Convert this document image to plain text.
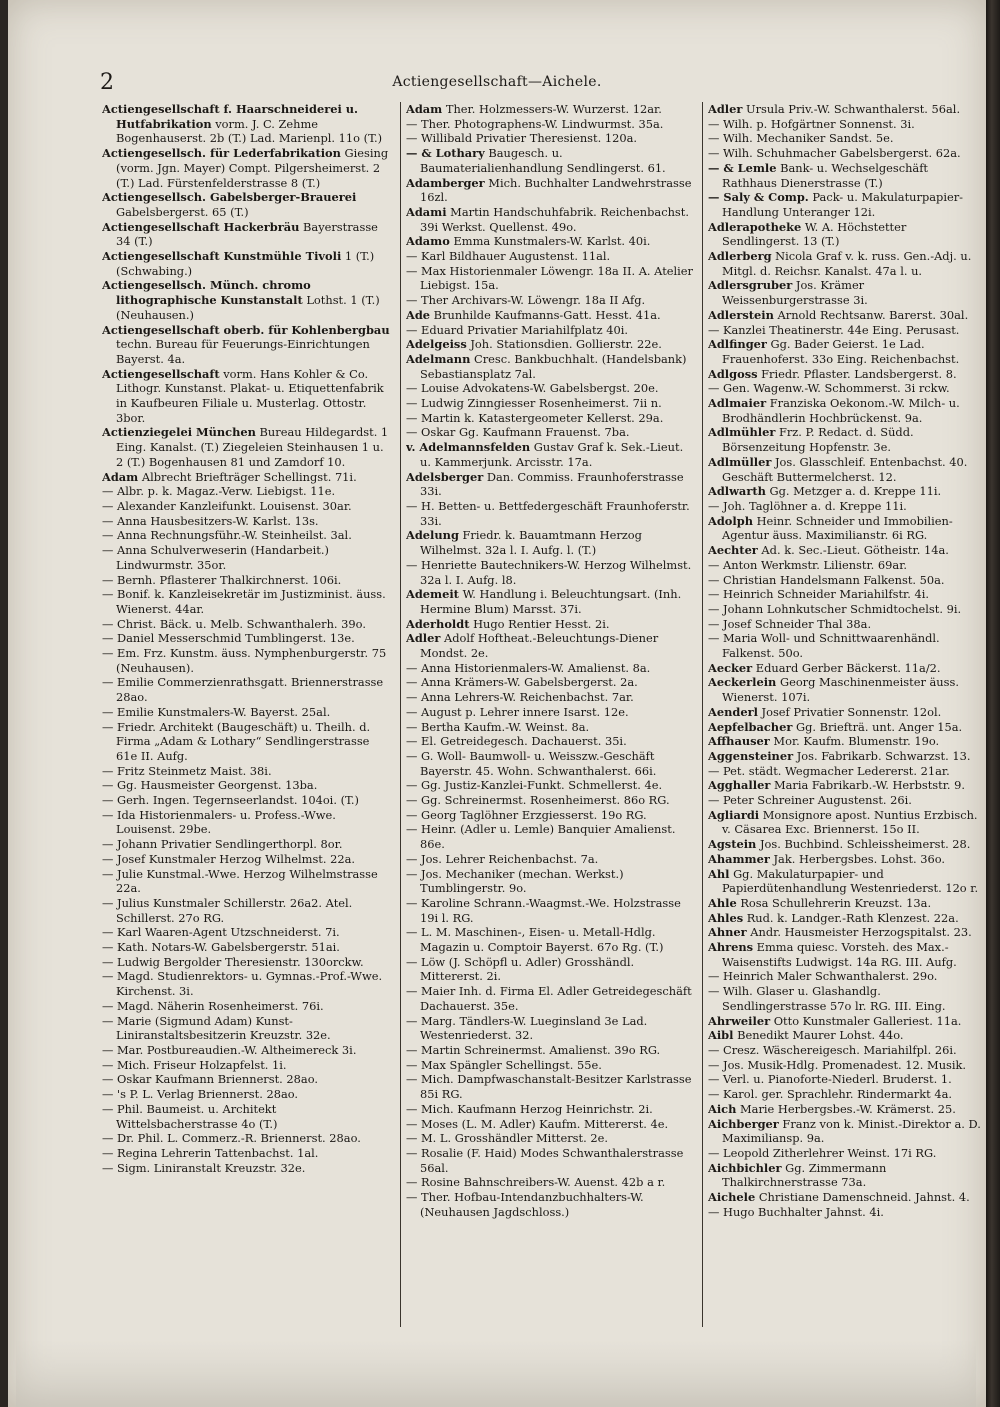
2	Actiengesellschaft—Aichele.

Actiengesellschaft f. Haarschneiderei u. Hutfabrikation vorm. J. C. Zehme Bogenhauserst. 2b (T.) Lad. Marienpl. 11o (T.)

Actiengesellsch. für Lederfabrikation Giesing (vorm. Jgn. Mayer) Compt. Pilgersheimerst. 2 (T.) Lad. Fürstenfelderstrasse 8 (T.)

Actiengesellsch. Gabelsberger-Brauerei Gabelsbergerst. 65 (T.)

Actiengesellschaft Hackerbräu Bayerstrasse 34 (T.)

Actiengesellschaft Kunstmühle Tivoli 1 (T.) (Schwabing.)

Actiengesellsch. Münch. chromo lithographische Kunstanstalt Lothst. 1 (T.) (Neuhausen.)

Actiengesellschaft oberb. für Kohlenbergbau techn. Bureau für Feuerungs-Einrichtungen Bayerst. 4a.

Actiengesellschaft vorm. Hans Kohler & Co. Lithogr. Kunstanst. Plakat- u. Etiquettenfabrik in Kaufbeuren Filiale u. Musterlag. Ottostr. 3bor.

Actienziegelei München Bureau Hildegardst. 1 Eing. Kanalst. (T.) Ziegeleien Steinhausen 1 u. 2 (T.) Bogenhausen 81 und Zamdorf 10.

Adam Albrecht Briefträger Schellingst. 71i.

— Albr. p. k. Magaz.-Verw. Liebigst. 11e.

— Alexander Kanzleifunkt. Louisenst. 30ar.

— Anna Hausbesitzers-W. Karlst. 13s.

— Anna Rechnungsführ.-W. Steinheilst. 3al.

— Anna Schulverweserin (Handarbeit.) Lindwurmstr. 35or.

— Bernh. Pflasterer Thalkirchnerst. 106i.

— Bonif. k. Kanzleisekretär im Justizminist. äuss. Wienerst. 44ar.

— Christ. Bäck. u. Melb. Schwanthalerh. 39o.

— Daniel Messerschmid Tumblingerst. 13e.

— Em. Frz. Kunstm. äuss. Nymphenburgerstr. 75 (Neuhausen).

— Emilie Commerzienrathsgatt. Briennerstrasse 28ao.

— Emilie Kunstmalers-W. Bayerst. 25al.

— Friedr. Architekt (Baugeschäft) u. Theilh. d. Firma „Adam & Lothary“ Sendlingerstrasse 61e II. Aufg.

— Fritz Steinmetz Maist. 38i.

— Gg. Hausmeister Georgenst. 13ba.

— Gerh. Ingen. Tegernseerlandst. 104oi. (T.)

— Ida Historienmalers- u. Profess.-Wwe. Louisenst. 29be.

— Johann Privatier Sendlingerthorpl. 8or.

— Josef Kunstmaler Herzog Wilhelmst. 22a.

— Julie Kunstmal.-Wwe. Herzog Wilhelmstrasse 22a.

— Julius Kunstmaler Schillerstr. 26a2. Atel. Schillerst. 27o RG.

— Karl Waaren-Agent Utzschneiderst. 7i.

— Kath. Notars-W. Gabelsbergerstr. 51ai.

— Ludwig Bergolder Theresienstr. 130orckw.

— Magd. Studienrektors- u. Gymnas.-Prof.-Wwe. Kirchenst. 3i.

— Magd. Näherin Rosenheimerst. 76i.

— Marie (Sigmund Adam) Kunst- Liniranstaltsbesitzerin Kreuzstr. 32e.

— Mar. Postbureaudien.-W. Altheimereck 3i.

— Mich. Friseur Holzapfelst. 1i.

— Oskar Kaufmann Briennerst. 28ao.

— 's P. L. Verlag Briennerst. 28ao.

— Phil. Baumeist. u. Architekt Wittelsbacherstrasse 4o (T.)

— Dr. Phil. L. Commerz.-R. Briennerst. 28ao.

— Regina Lehrerin Tattenbachst. 1al.

— Sigm. Liniranstalt Kreuzstr. 32e.

Adam Ther. Holzmessers-W. Wurzerst. 12ar.

— Ther. Photographens-W. Lindwurmst. 35a.

— Willibald Privatier Theresienst. 120a.

— & Lothary Baugesch. u. Baumaterialienhandlung Sendlingerst. 61.

Adamberger Mich. Buchhalter Landwehrstrasse 16zl.

Adami Martin Handschuhfabrik. Reichenbachst. 39i Werkst. Quellenst. 49o.

Adamo Emma Kunstmalers-W. Karlst. 40i.

— Karl Bildhauer Augustenst. 11al.

— Max Historienmaler Löwengr. 18a II. A. Atelier Liebigst. 15a.

— Ther Archivars-W. Löwengr. 18a II Afg.

Ade Brunhilde Kaufmanns-Gatt. Hesst. 41a.

— Eduard Privatier Mariahilfplatz 40i.

Adelgeiss Joh. Stationsdien. Gollierstr. 22e.

Adelmann Cresc. Bankbuchhalt. (Handelsbank) Sebastiansplatz 7al.

— Louise Advokatens-W. Gabelsbergst. 20e.

— Ludwig Zinngiesser Rosenheimerst. 7ii n.

— Martin k. Katastergeometer Kellerst. 29a.

— Oskar Gg. Kaufmann Frauenst. 7ba.

v. Adelmannsfelden Gustav Graf k. Sek.-Lieut. u. Kammerjunk. Arcisstr. 17a.

Adelsberger Dan. Commiss. Fraunhoferstrasse 33i.

— H. Betten- u. Bettfedergeschäft Fraunhoferstr. 33i.

Adelung Friedr. k. Bauamtmann Herzog Wilhelmst. 32a l. I. Aufg. l. (T.)

— Henriette Bautechnikers-W. Herzog Wilhelmst. 32a l. I. Aufg. l8.

Ademeit W. Handlung i. Beleuchtungsart. (Inh. Hermine Blum) Marsst. 37i.

Aderholdt Hugo Rentier Hesst. 2i.

Adler Adolf Hoftheat.-Beleuchtungs-Diener Mondst. 2e.

— Anna Historienmalers-W. Amalienst. 8a.

— Anna Krämers-W. Gabelsbergerst. 2a.

— Anna Lehrers-W. Reichenbachst. 7ar.

— August p. Lehrer innere Isarst. 12e.

— Bertha Kaufm.-W. Weinst. 8a.

— El. Getreidegesch. Dachauerst. 35i.

— G. Woll- Baumwoll- u. Weisszw.-Geschäft Bayerstr. 45. Wohn. Schwanthalerst. 66i.

— Gg. Justiz-Kanzlei-Funkt. Schmellerst. 4e.

— Gg. Schreinermst. Rosenheimerst. 86o RG.

— Georg Taglöhner Erzgiesserst. 19o RG.

— Heinr. (Adler u. Lemle) Banquier Amalienst. 86e.

— Jos. Lehrer Reichenbachst. 7a.

— Jos. Mechaniker (mechan. Werkst.) Tumblingerstr. 9o.

— Karoline Schrann.-Waagmst.-We. Holzstrasse 19i l. RG.

— L. M. Maschinen-, Eisen- u. Metall-Hdlg. Magazin u. Comptoir Bayerst. 67o Rg. (T.)

— Löw (J. Schöpfl u. Adler) Grosshändl. Mittererst. 2i.

— Maier Inh. d. Firma El. Adler Getreidegeschäft Dachauerst. 35e.

— Marg. Tändlers-W. Lueginsland 3e Lad. Westenriederst. 32.

— Martin Schreinermst. Amalienst. 39o RG.

— Max Spängler Schellingst. 55e.

— Mich. Dampfwaschanstalt-Besitzer Karlstrasse 85i RG.

— Mich. Kaufmann Herzog Heinrichstr. 2i.

— Moses (L. M. Adler) Kaufm. Mittererst. 4e.

— M. L. Grosshändler Mitterst. 2e.

— Rosalie (F. Haid) Modes Schwanthalerstrasse 56al.

— Rosine Bahnschreibers-W. Auenst. 42b a r.

— Ther. Hofbau-Intendanzbuchhalters-W. (Neuhausen Jagdschloss.)

Adler Ursula Priv.-W. Schwanthalerst. 56al.

— Wilh. p. Hofgärtner Sonnenst. 3i.

— Wilh. Mechaniker Sandst. 5e.

— Wilh. Schuhmacher Gabelsbergerst. 62a.

— & Lemle Bank- u. Wechselgeschäft Rathhaus Dienerstrasse (T.)

— Saly & Comp. Pack- u. Makulaturpapier-Handlung Unteranger 12i.

Adlerapotheke W. A. Höchstetter Sendlingerst. 13 (T.)

Adlerberg Nicola Graf v. k. russ. Gen.-Adj. u. Mitgl. d. Reichsr. Kanalst. 47a l. u.

Adlersgruber Jos. Krämer Weissenburgerstrasse 3i.

Adlerstein Arnold Rechtsanw. Barerst. 30al.

— Kanzlei Theatinerstr. 44e Eing. Perusast.

Adlfinger Gg. Bader Geierst. 1e Lad. Frauenhoferst. 33o Eing. Reichenbachst.

Adlgoss Friedr. Pflaster. Landsbergerst. 8.

— Gen. Wagenw.-W. Schommerst. 3i rckw.

Adlmaier Franziska Oekonom.-W. Milch- u. Brodhändlerin Hochbrückenst. 9a.

Adlmühler Frz. P. Redact. d. Südd. Börsenzeitung Hopfenstr. 3e.

Adlmüller Jos. Glasschleif. Entenbachst. 40. Geschäft Buttermelcherst. 12.

Adlwarth Gg. Metzger a. d. Kreppe 11i.

— Joh. Taglöhner a. d. Kreppe 11i.

Adolph Heinr. Schneider und Immobilien-Agentur äuss. Maximilianstr. 6i RG.

Aechter Ad. k. Sec.-Lieut. Götheistr. 14a.

— Anton Werkmstr. Lilienstr. 69ar.

— Christian Handelsmann Falkenst. 50a.

— Heinrich Schneider Mariahilfstr. 4i.

— Johann Lohnkutscher Schmidtochelst. 9i.

— Josef Schneider Thal 38a.

— Maria Woll- und Schnittwaarenhändl. Falkenst. 50o.

Aecker Eduard Gerber Bäckerst. 11a/2.

Aeckerlein Georg Maschinenmeister äuss. Wienerst. 107i.

Aenderl Josef Privatier Sonnenstr. 12ol.

Aepfelbacher Gg. Briefträ. unt. Anger 15a.

Affhauser Mor. Kaufm. Blumenstr. 19o.

Aggensteiner Jos. Fabrikarb. Schwarzst. 13.

— Pet. städt. Wegmacher Ledererst. 21ar.

Agghaller Maria Fabrikarb.-W. Herbststr. 9.

— Peter Schreiner Augustenst. 26i.

Agliardi Monsignore apost. Nuntius Erzbisch. v. Cäsarea Exc. Briennerst. 15o II.

Agstein Jos. Buchbind. Schleissheimerst. 28.

Ahammer Jak. Herbergsbes. Lohst. 36o.

Ahl Gg. Makulaturpapier- und Papierdütenhandlung Westenriederst. 12o r.

Ahle Rosa Schullehrerin Kreuzst. 13a.

Ahles Rud. k. Landger.-Rath Klenzest. 22a.

Ahner Andr. Hausmeister Herzogspitalst. 23.

Ahrens Emma quiesc. Vorsteh. des Max.-Waisenstifts Ludwigst. 14a RG. III. Aufg.

— Heinrich Maler Schwanthalerst. 29o.

— Wilh. Glaser u. Glashandlg. Sendlingerstrasse 57o lr. RG. III. Eing.

Ahrweiler Otto Kunstmaler Galleriest. 11a.

Aibl Benedikt Maurer Lohst. 44o.

— Cresz. Wäschereigesch. Mariahilfpl. 26i.

— Jos. Musik-Hdlg. Promenadest. 12. Musik.

— Verl. u. Pianoforte-Niederl. Bruderst. 1.

— Karol. ger. Sprachlehr. Rindermarkt 4a.

Aich Marie Herbergsbes.-W. Krämerst. 25.

Aichberger Franz von k. Minist.-Direktor a. D. Maximiliansp. 9a.

— Leopold Zitherlehrer Weinst. 17i RG.

Aichbichler Gg. Zimmermann Thalkirchnerstrasse 73a.

Aichele Christiane Damenschneid. Jahnst. 4.

— Hugo Buchhalter Jahnst. 4i.
